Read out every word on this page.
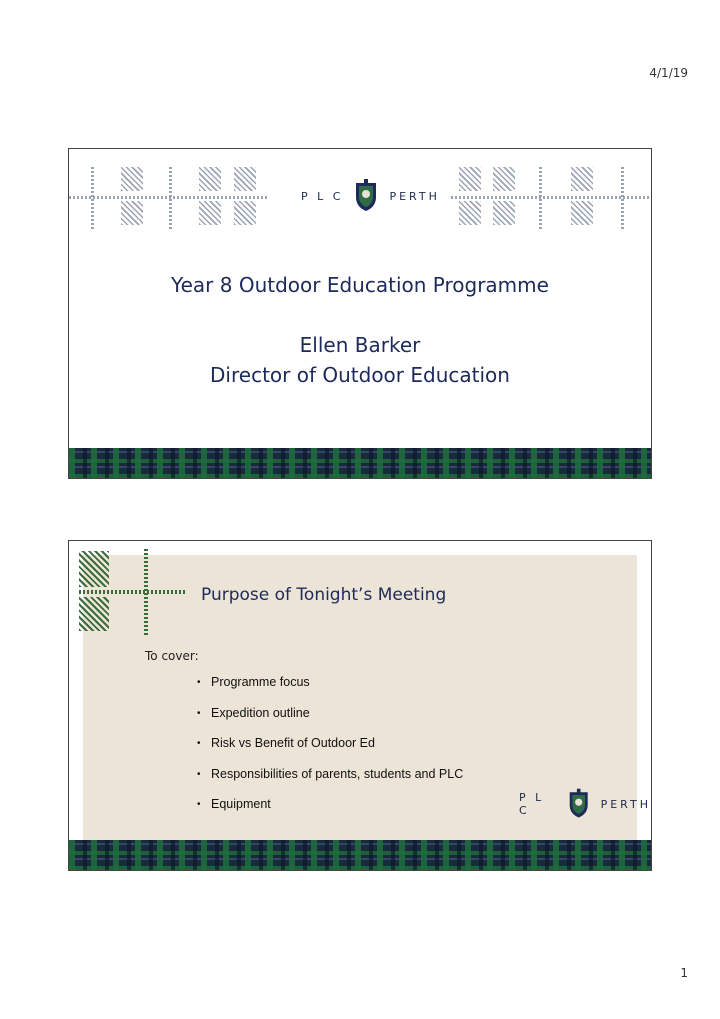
4/1/19
P L C	PERTH
Year 8 Outdoor Education Programme
Ellen Barker
Director of Outdoor Education
Purpose of Tonight’s Meeting
To cover:
• Programme focus
• Expedition outline
• Risk vs Benefit of Outdoor Ed
• Responsibilities of parents, students and PLC
• Equipment	P L C	PERTH
1
